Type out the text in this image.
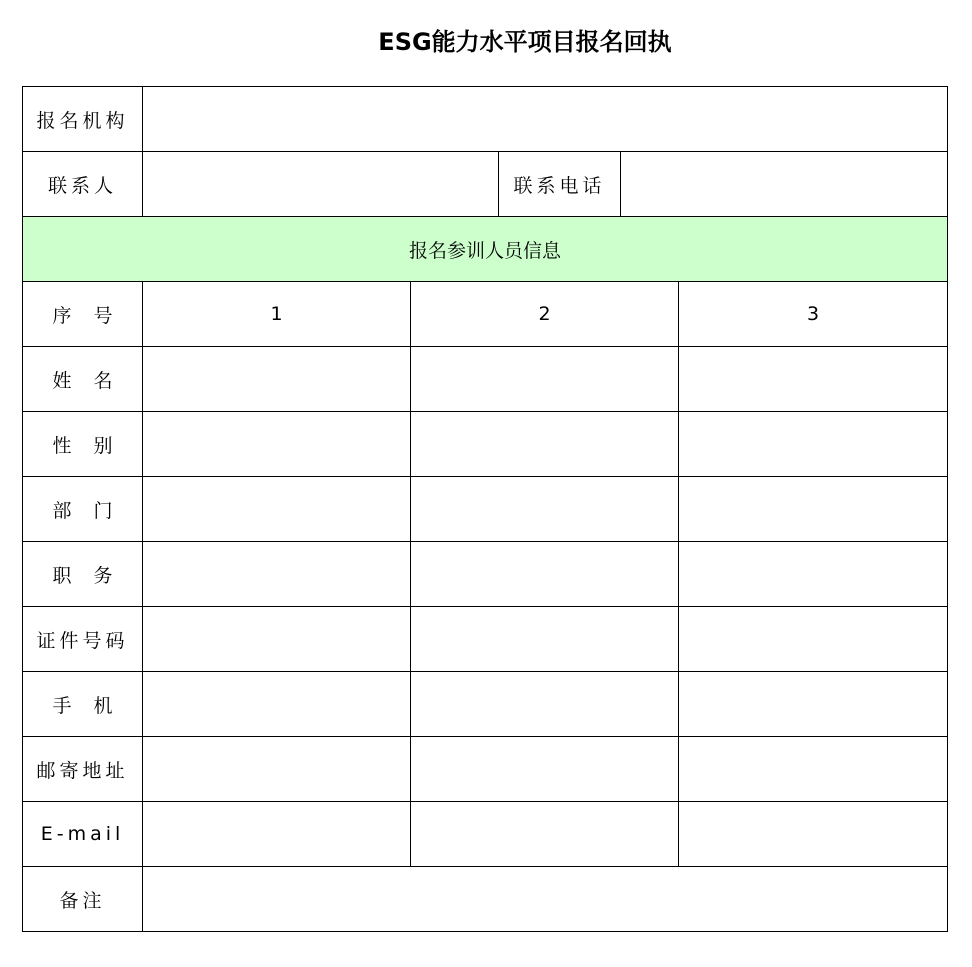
ESG能力水平项目报名回执
报名机构					
联系人			联系电话		
报名参训人员信息					
序号	1	2			3
姓名					
性别					
部门					
职务					
证件号码					
手机					
邮寄地址					
E-mail					
备注					
